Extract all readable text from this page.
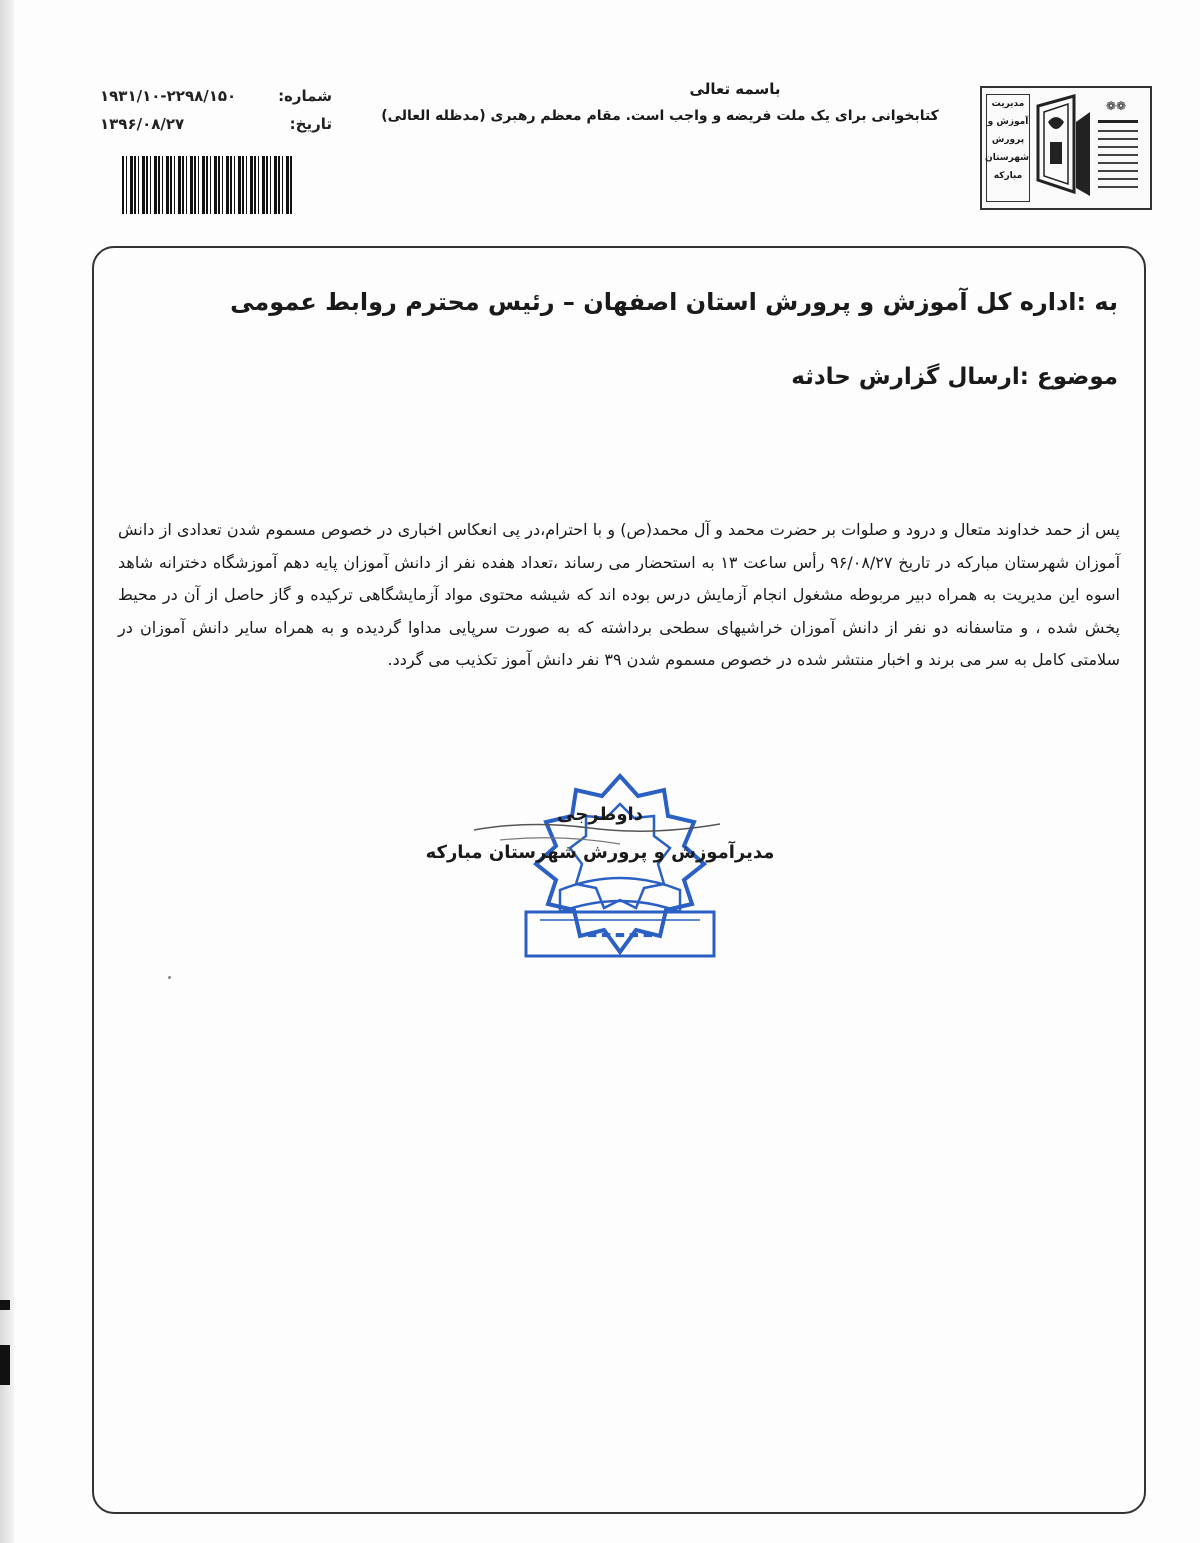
شماره:
۱۹۳۱/۱۰-۲۲۹۸/۱۵۰
تاریخ:
۱۳۹۶/۰۸/۲۷
باسمه تعالی
کتابخوانی برای یک ملت فریضه و واجب است. مقام معظم رهبری (مدظله العالی)
مدیریت
آموزش و
پرورش
شهرستان
مبارکه
❁❁
به :اداره کل آموزش و پرورش استان اصفهان – رئیس محترم روابط عمومی
موضوع :ارسال گزارش حادثه
پس از حمد خداوند متعال و درود و صلوات بر حضرت محمد و آل محمد(ص) و با احترام،در پی انعکاس اخباری در خصوص مسموم شدن تعدادی از دانش آموزان شهرستان مبارکه در تاریخ ۹۶/۰۸/۲۷ رأس ساعت ۱۳ به استحضار می رساند ،تعداد هفده نفر از دانش آموزان پایه دهم آموزشگاه دخترانه شاهد اسوه این مدیریت به همراه دبیر مربوطه مشغول انجام آزمایش درس بوده اند که شیشه محتوی مواد آزمایشگاهی ترکیده و گاز حاصل از آن در محیط پخش شده ، و متاسفانه دو نفر از دانش آموزان خراشیهای سطحی برداشته که به صورت سرپایی مداوا گردیده و به همراه سایر دانش آموزان در سلامتی کامل به سر می برند و اخبار منتشر شده در خصوص مسموم شدن ۳۹ نفر دانش آموز تکذیب می گردد.
▬ ▬ ▬ ▬ ▬
داوطرجی
مدیرآموزش و پرورش شهرستان مبارکه
